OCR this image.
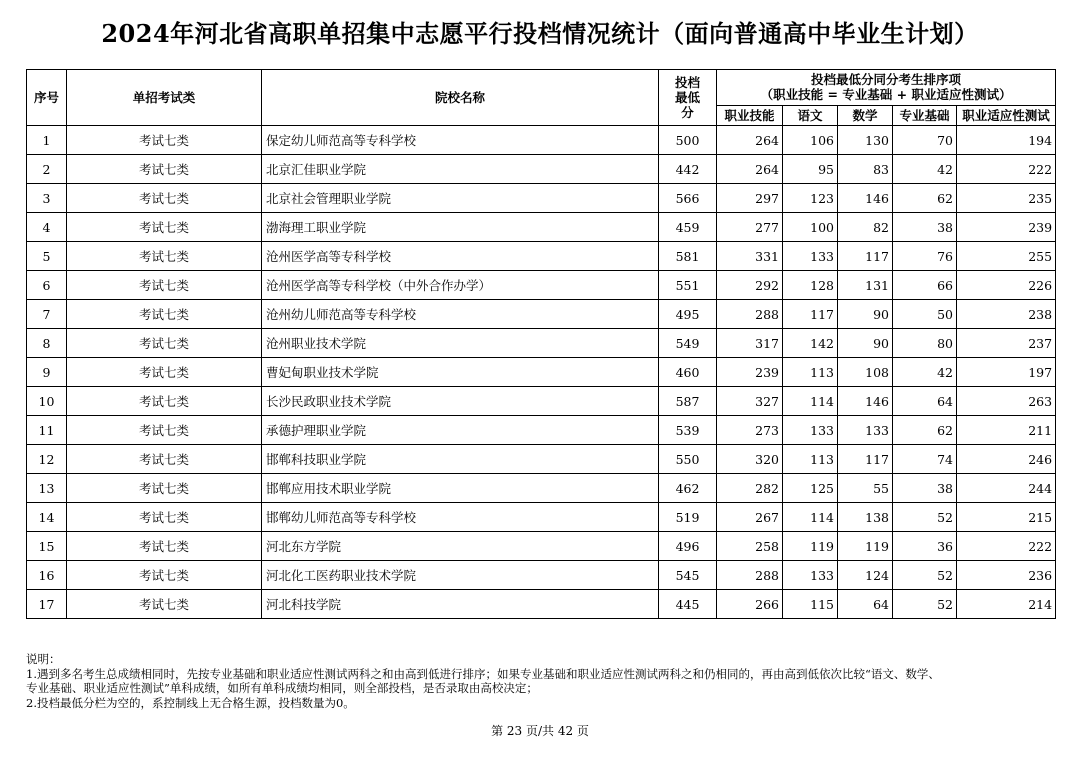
2024年河北省高职单招集中志愿平行投档情况统计（面向普通高中毕业生计划）
序号	单招考试类	院校名称	投档最低分	投档最低分同分考生排序项
（职业技能 = 专业基础 + 职业适应性测试）				

				职业技能	语文	数学	专业基础	职业适应性测试
1	考试七类	保定幼儿师范高等专科学校	500	264	106	130	70	194
2	考试七类	北京汇佳职业学院	442	264	95	83	42	222
3	考试七类	北京社会管理职业学院	566	297	123	146	62	235
4	考试七类	渤海理工职业学院	459	277	100	82	38	239
5	考试七类	沧州医学高等专科学校	581	331	133	117	76	255
6	考试七类	沧州医学高等专科学校（中外合作办学）	551	292	128	131	66	226
7	考试七类	沧州幼儿师范高等专科学校	495	288	117	90	50	238
8	考试七类	沧州职业技术学院	549	317	142	90	80	237
9	考试七类	曹妃甸职业技术学院	460	239	113	108	42	197
10	考试七类	长沙民政职业技术学院	587	327	114	146	64	263
11	考试七类	承德护理职业学院	539	273	133	133	62	211
12	考试七类	邯郸科技职业学院	550	320	113	117	74	246
13	考试七类	邯郸应用技术职业学院	462	282	125	55	38	244
14	考试七类	邯郸幼儿师范高等专科学校	519	267	114	138	52	215
15	考试七类	河北东方学院	496	258	119	119	36	222
16	考试七类	河北化工医药职业技术学院	545	288	133	124	52	236
17	考试七类	河北科技学院	445	266	115	64	52	214
说明：
1.遇到多名考生总成绩相同时，先按专业基础和职业适应性测试两科之和由高到低进行排序；如果专业基础和职业适应性测试两科之和仍相同的，再由高到低依次比较“语文、数学、
专业基础、职业适应性测试”单科成绩，如所有单科成绩均相同，则全部投档，是否录取由高校决定；
2.投档最低分栏为空的，系控制线上无合格生源，投档数量为0。
第 23 页/共 42 页
